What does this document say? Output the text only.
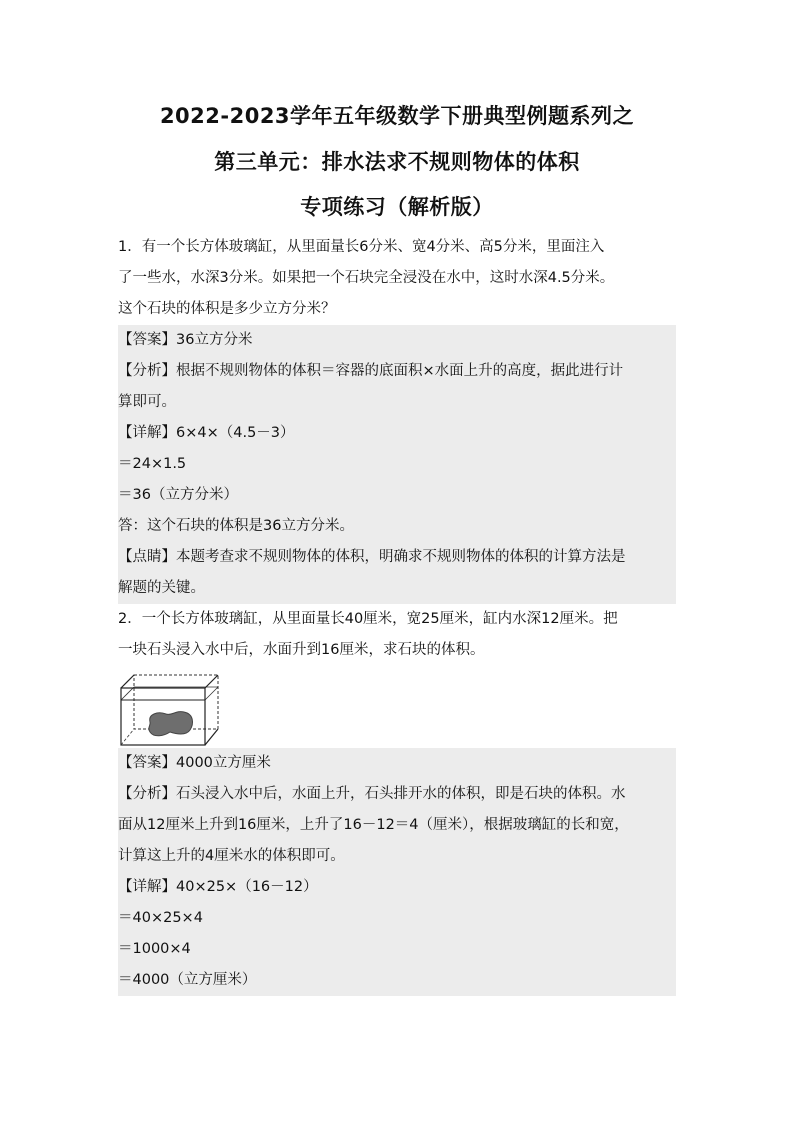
2022-2023学年五年级数学下册典型例题系列之
第三单元：排水法求不规则物体的体积
专项练习（解析版）
1．有一个长方体玻璃缸，从里面量长6分米、宽4分米、高5分米，里面注入
了一些水，水深3分米。如果把一个石块完全浸没在水中，这时水深4.5分米。
这个石块的体积是多少立方分米？
【答案】36立方分米
【分析】根据不规则物体的体积＝容器的底面积×水面上升的高度，据此进行计
算即可。
【详解】6×4×（4.5－3）
＝24×1.5
＝36（立方分米）
答：这个石块的体积是36立方分米。
【点睛】本题考查求不规则物体的体积，明确求不规则物体的体积的计算方法是
解题的关键。
2．一个长方体玻璃缸，从里面量长40厘米，宽25厘米，缸内水深12厘米。把
一块石头浸入水中后，水面升到16厘米，求石块的体积。
【答案】4000立方厘米
【分析】石头浸入水中后，水面上升，石头排开水的体积，即是石块的体积。水
面从12厘米上升到16厘米，上升了16－12＝4（厘米），根据玻璃缸的长和宽，
计算这上升的4厘米水的体积即可。
【详解】40×25×（16－12）
＝40×25×4
＝1000×4
＝4000（立方厘米）
